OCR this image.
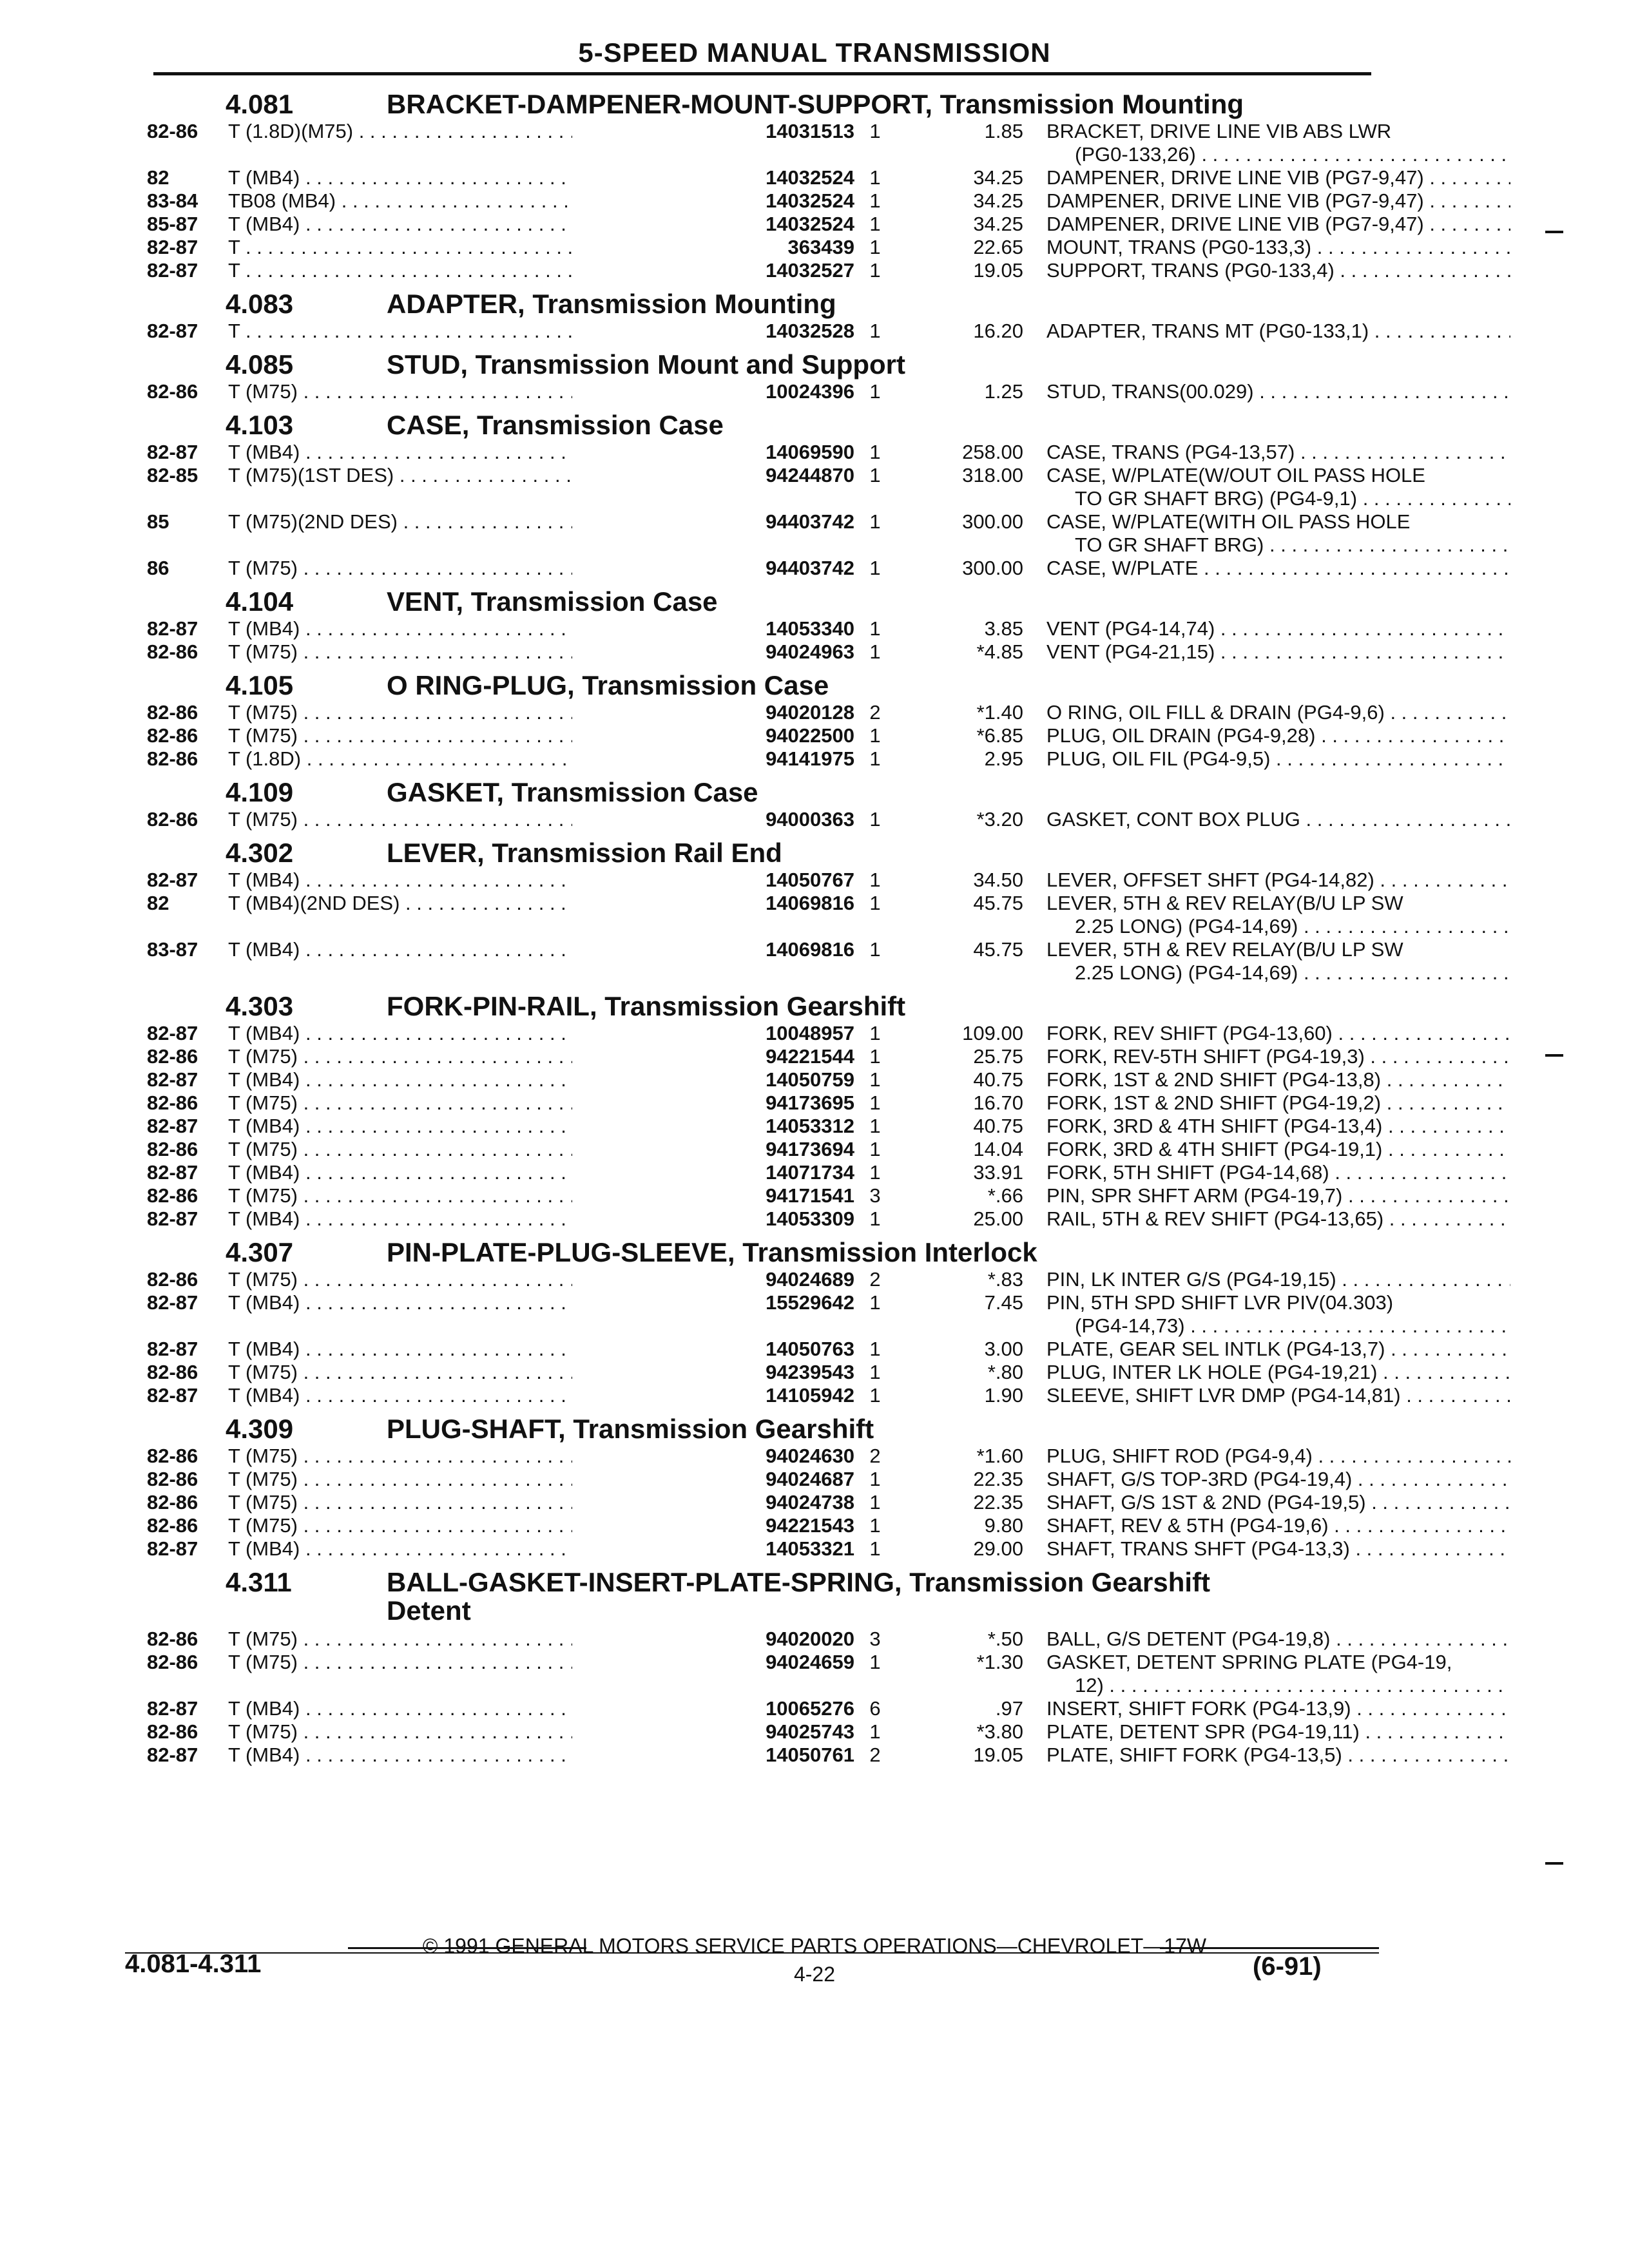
5-SPEED MANUAL TRANSMISSION
4.081	BRACKET-DAMPENER-MOUNT-SUPPORT, Transmission Mounting
82-86	T (1.8D)(M75) . . .	14031513 1	1.85 BRACKET, DRIVE LINE VIB ABS LWR
(PG0-133,26) . . .
82	T (MB4) . . .	14032524 1	34.25 DAMPENER, DRIVE LINE VIB (PG7-9,47) . . .
83-84	TB08 (MB4) . . .	14032524 1	34.25 DAMPENER, DRIVE LINE VIB (PG7-9,47) . . .
85-87	T (MB4) . . .	14032524 1	34.25 DAMPENER, DRIVE LINE VIB (PG7-9,47) . . .
82-87	T . . .	363439 1	22.65 MOUNT, TRANS (PG0-133,3) . . .
82-87	T . . .	14032527 1	19.05 SUPPORT, TRANS (PG0-133,4) . . .
4.083	ADAPTER, Transmission Mounting
82-87	T . . .	14032528 1	16.20 ADAPTER, TRANS MT (PG0-133,1) . . .
4.085	STUD, Transmission Mount and Support
82-86	T (M75) . . .	10024396 1	1.25 STUD, TRANS(00.029) . . .
4.103	CASE, Transmission Case
82-87	T (MB4) . . .	14069590 1	258.00 CASE, TRANS (PG4-13,57) . . .
82-85	T (M75)(1ST DES) . . .	94244870 1	318.00 CASE, W/PLATE(W/OUT OIL PASS HOLE
TO GR SHAFT BRG) (PG4-9,1) . . .
85	T (M75)(2ND DES) . . .	94403742 1	300.00 CASE, W/PLATE(WITH OIL PASS HOLE
TO GR SHAFT BRG) . . .
86	T (M75) . . .	94403742 1	300.00 CASE, W/PLATE . . .
4.104	VENT, Transmission Case
82-87	T (MB4) . . .	14053340 1	3.85 VENT (PG4-14,74) . . .
82-86	T (M75) . . .	94024963 1	*4.85 VENT (PG4-21,15) . . .
4.105	O RING-PLUG, Transmission Case
82-86	T (M75) . . .	94020128 2	*1.40 O RING, OIL FILL & DRAIN (PG4-9,6) . . .
82-86	T (M75) . . .	94022500 1	*6.85 PLUG, OIL DRAIN (PG4-9,28) . . .
82-86	T (1.8D) . . .	94141975 1	2.95 PLUG, OIL FIL (PG4-9,5) . . .
4.109	GASKET, Transmission Case
82-86	T (M75) . . .	94000363 1	*3.20 GASKET, CONT BOX PLUG . . .
4.302	LEVER, Transmission Rail End
82-87	T (MB4) . . .	14050767 1	34.50 LEVER, OFFSET SHFT (PG4-14,82) . . .
82	T (MB4)(2ND DES) . . .	14069816 1	45.75 LEVER, 5TH & REV RELAY(B/U LP SW
2.25 LONG) (PG4-14,69) . . .
83-87	T (MB4) . . .	14069816 1	45.75 LEVER, 5TH & REV RELAY(B/U LP SW
2.25 LONG) (PG4-14,69) . . .
4.303	FORK-PIN-RAIL, Transmission Gearshift
82-87	T (MB4) . . .	10048957 1	109.00 FORK, REV SHIFT (PG4-13,60) . . .
82-86	T (M75) . . .	94221544 1	25.75 FORK, REV-5TH SHIFT (PG4-19,3) . . .
82-87	T (MB4) . . .	14050759 1	40.75 FORK, 1ST & 2ND SHIFT (PG4-13,8) . . .
82-86	T (M75) . . .	94173695 1	16.70 FORK, 1ST & 2ND SHIFT (PG4-19,2) . . .
82-87	T (MB4) . . .	14053312 1	40.75 FORK, 3RD & 4TH SHIFT (PG4-13,4) . . .
82-86	T (M75) . . .	94173694 1	14.04 FORK, 3RD & 4TH SHIFT (PG4-19,1) . . .
82-87	T (MB4) . . .	14071734 1	33.91 FORK, 5TH SHIFT (PG4-14,68) . . .
82-86	T (M75) . . .	94171541 3	*.66 PIN, SPR SHFT ARM (PG4-19,7) . . .
82-87	T (MB4) . . .	14053309 1	25.00 RAIL, 5TH & REV SHIFT (PG4-13,65) . . .
4.307	PIN-PLATE-PLUG-SLEEVE, Transmission Interlock
82-86	T (M75) . . .	94024689 2	*.83 PIN, LK INTER G/S (PG4-19,15) . . .
82-87	T (MB4) . . .	15529642 1	7.45 PIN, 5TH SPD SHIFT LVR PIV(04.303)
(PG4-14,73) . . .
82-87	T (MB4) . . .	14050763 1	3.00 PLATE, GEAR SEL INTLK (PG4-13,7) . . .
82-86	T (M75) . . .	94239543 1	*.80 PLUG, INTER LK HOLE (PG4-19,21) . . .
82-87	T (MB4) . . .	14105942 1	1.90 SLEEVE, SHIFT LVR DMP (PG4-14,81) . . .
4.309	PLUG-SHAFT, Transmission Gearshift
82-86	T (M75) . . .	94024630 2	*1.60 PLUG, SHIFT ROD (PG4-9,4) . . .
82-86	T (M75) . . .	94024687 1	22.35 SHAFT, G/S TOP-3RD (PG4-19,4) . . .
82-86	T (M75) . . .	94024738 1	22.35 SHAFT, G/S 1ST & 2ND (PG4-19,5) . . .
82-86	T (M75) . . .	94221543 1	9.80 SHAFT, REV & 5TH (PG4-19,6) . . .
82-87	T (MB4) . . .	14053321 1	29.00 SHAFT, TRANS SHFT (PG4-13,3) . . .
4.311	BALL-GASKET-INSERT-PLATE-SPRING, Transmission Gearshift
Detent
82-86	T (M75) . . .	94020020 3	*.50 BALL, G/S DETENT (PG4-19,8) . . .
82-86	T (M75) . . .	94024659 1	*1.30 GASKET, DETENT SPRING PLATE (PG4-19,
12) . . .
82-87	T (MB4) . . .	10065276 6	.97 INSERT, SHIFT FORK (PG4-13,9) . . .
82-86	T (M75) . . .	94025743 1	*3.80 PLATE, DETENT SPR (PG4-19,11) . . .
82-87	T (MB4) . . .	14050761 2	19.05 PLATE, SHIFT FORK (PG4-13,5) . . .
© 1991 GENERAL MOTORS SERVICE PARTS OPERATIONS—CHEVROLET—17W
4.081-4.311	4-22	(6-91)
